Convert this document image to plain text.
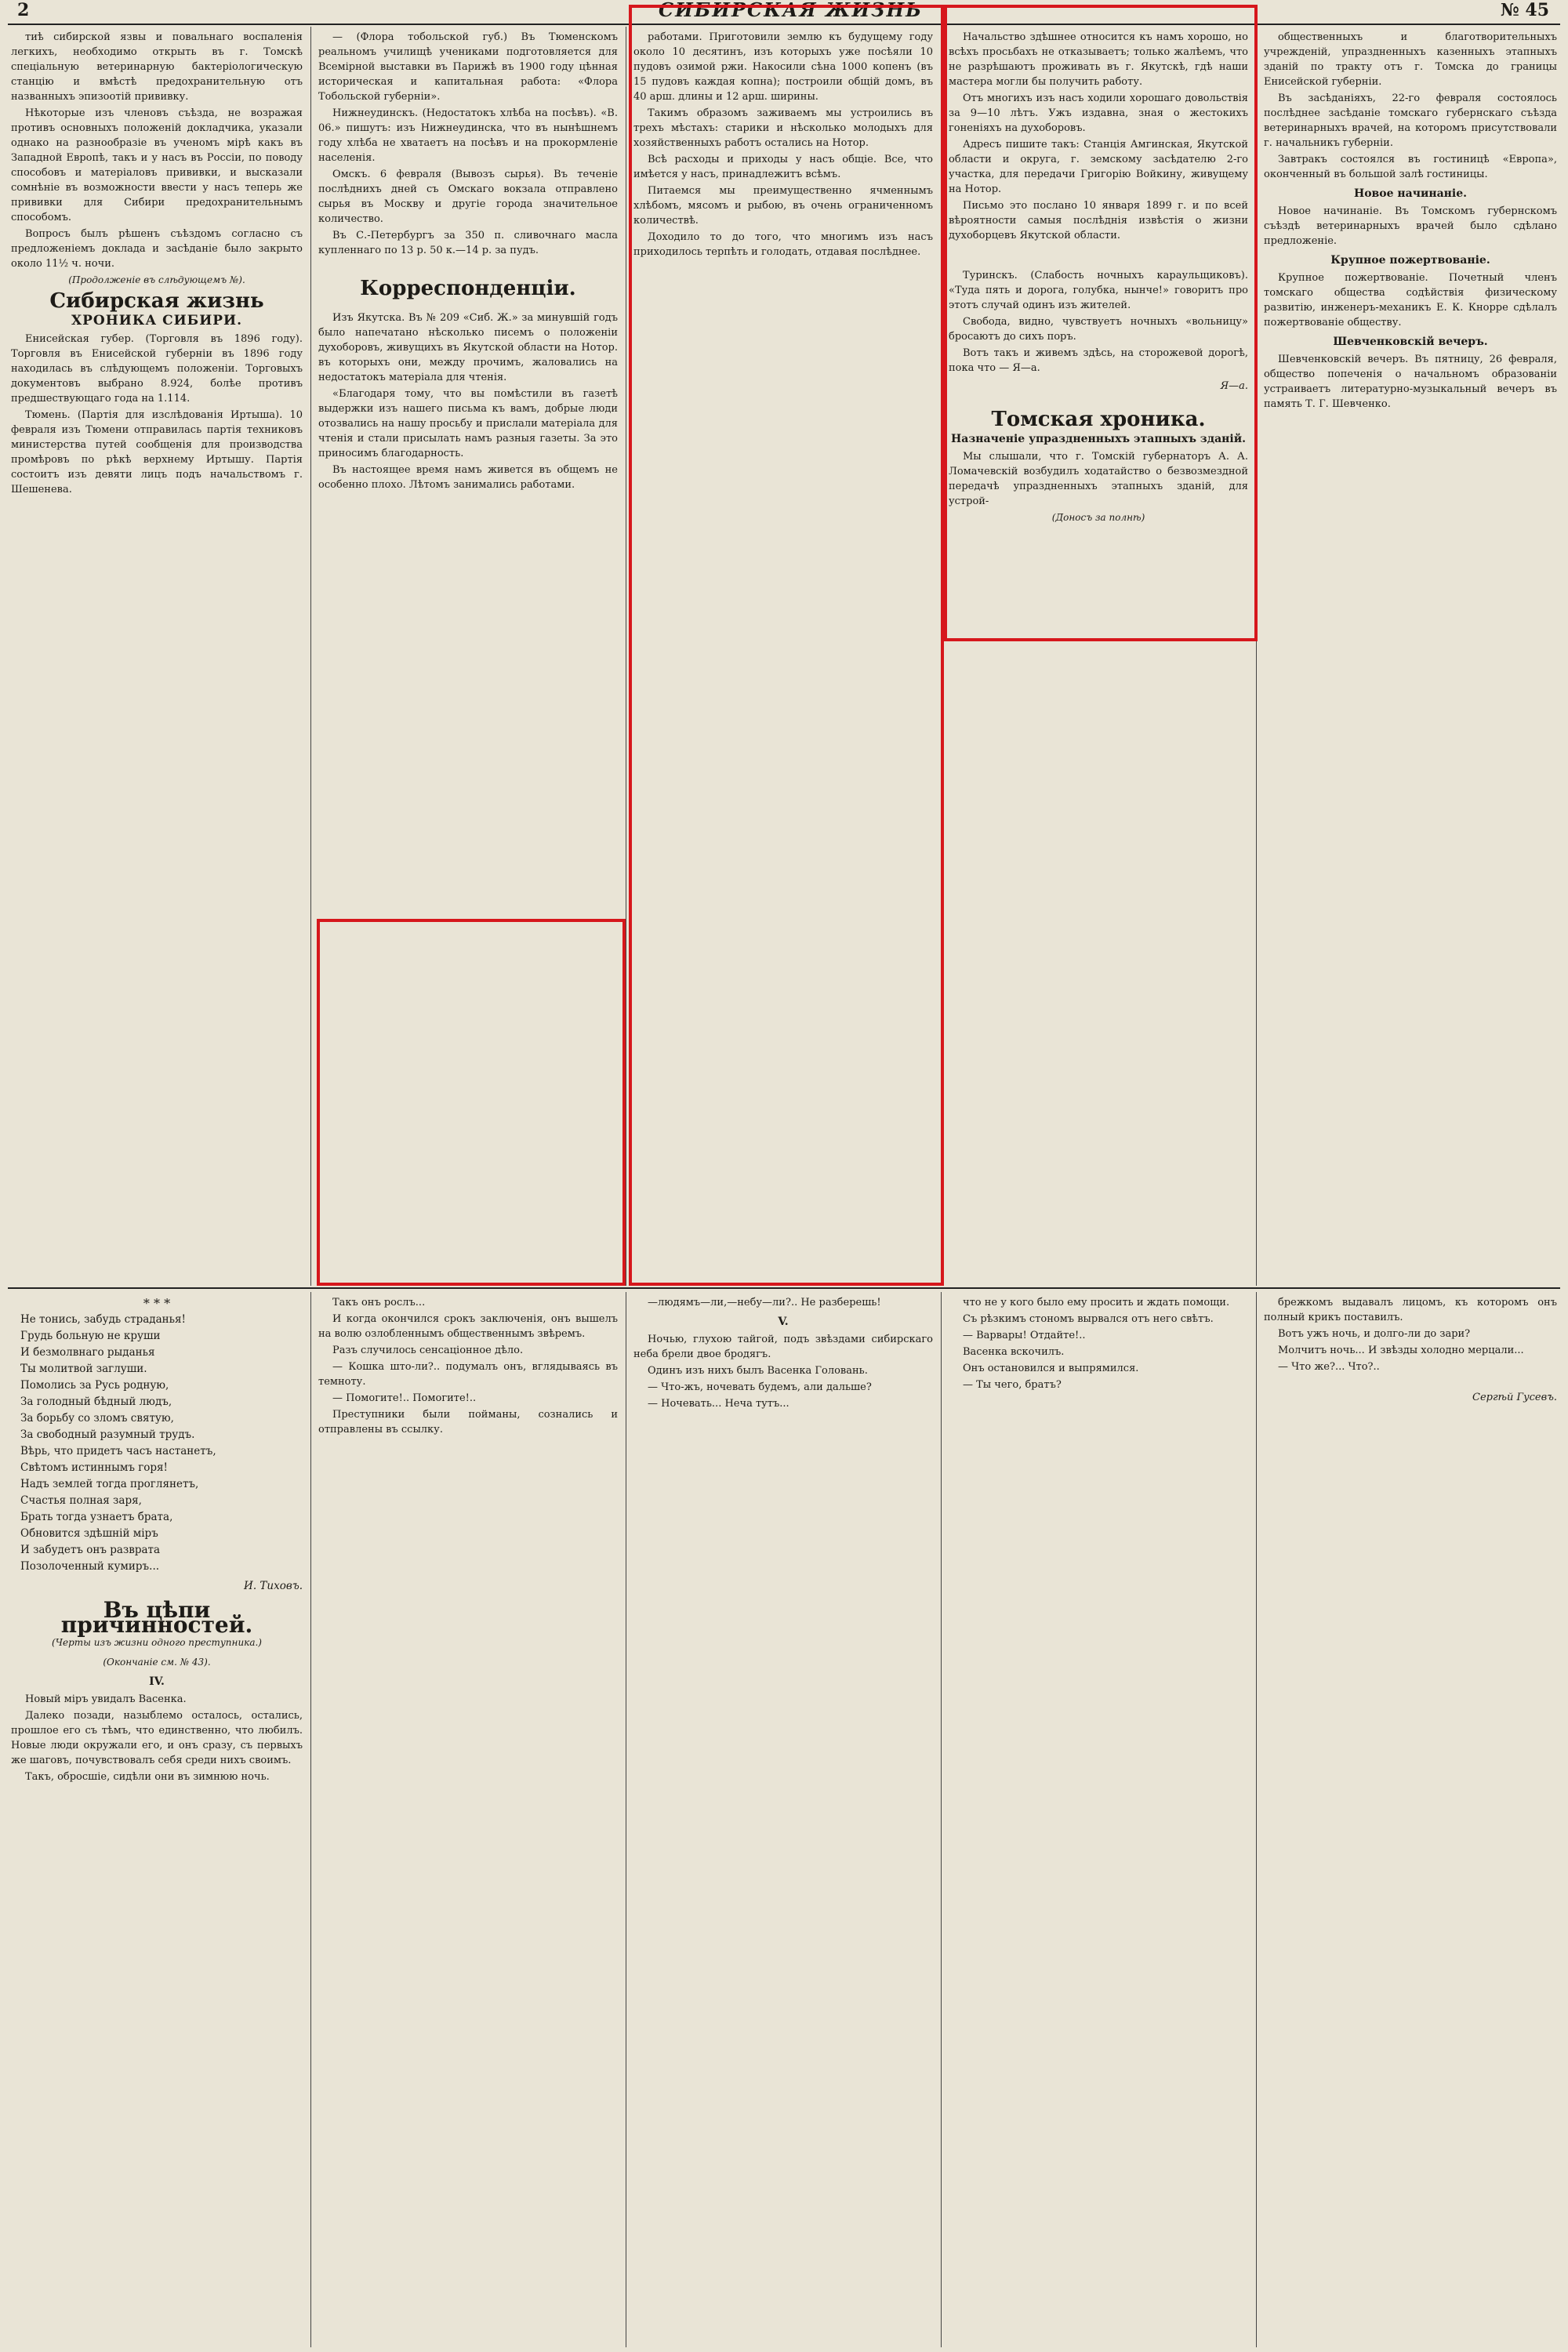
2	СИБИРСКАЯ ЖИЗНЬ	№ 45

тиѣ сибирской язвы и повальнаго воспаленія легкихъ, необходимо открыть въ г. Томскѣ спеціальную ветеринарную бактеріологическую станцію и вмѣстѣ предохранительную отъ названныхъ эпизоотій прививку.

Нѣкоторые изъ членовъ съѣзда, не возражая противъ основныхъ положеній докладчика, указали однако на разнообразіе въ ученомъ мірѣ какъ въ Западной Европѣ, такъ и у насъ въ Россіи, по поводу способовъ и матеріаловъ прививки, и высказали сомнѣніе въ возможности ввести у насъ теперь же прививки для Сибири предохранительнымъ способомъ.

Вопросъ былъ рѣшенъ съѣздомъ согласно съ предложеніемъ доклада и засѣданіе было закрыто около 11½ ч. ночи.

(Продолженіе въ слѣдующемъ №).
Сибирская жизнь
ХРОНИКА СИБИРИ.

Енисейская губер. (Торговля въ 1896 году). Торговля въ Енисейской губерніи въ 1896 году находилась въ слѣдующемъ положеніи. Торговыхъ документовъ выбрано 8.924, болѣе противъ предшествующаго года на 1.114.

Тюмень. (Партія для изслѣдованія Иртыша). 10 февраля изъ Тюмени отправилась партія техниковъ министерства путей сообщенія для производства промѣровъ по рѣкѣ верхнему Иртышу. Партія состоитъ изъ девяти лицъ подъ начальствомъ г. Шешенева.

— (Флора тобольской губ.) Въ Тюменскомъ реальномъ училищѣ учениками подготовляется для Всемірной выставки въ Парижѣ въ 1900 году цѣнная историческая и капитальная работа: «Флора Тобольской губерніи».

Нижнеудинскъ. (Недостатокъ хлѣба на посѣвъ). «В. 06.» пишутъ: изъ Нижнеудинска, что въ нынѣшнемъ году хлѣба не хватаетъ на посѣвъ и на прокормленіе населенія.

Омскъ. 6 февраля (Вывозъ сырья). Въ теченіе послѣднихъ дней съ Омскаго вокзала отправлено сырья въ Москву и другіе города значительное количество.

Въ С.-Петербургъ за 350 п. сливочнаго масла купленнаго по 13 р. 50 к.—14 р. за пудъ.

Корреспонденціи.

Изъ Якутска. Въ № 209 «Сиб. Ж.» за минувшій годъ было напечатано нѣсколько писемъ о положеніи духоборовъ, живущихъ въ Якутской области на Нотор. въ которыхъ они, между прочимъ, жаловались на недостатокъ матеріала для чтенія.

«Благодаря тому, что вы помѣстили въ газетѣ выдержки изъ нашего письма къ вамъ, добрые люди отозвались на нашу просьбу и прислали матеріала для чтенія и стали присылать намъ разныя газеты. За это приносимъ благодарность.

Въ настоящее время намъ живется въ общемъ не особенно плохо. Лѣтомъ занимались работами.

работами. Приготовили землю къ будущему году около 10 десятинъ, изъ которыхъ уже посѣяли 10 пудовъ озимой ржи. Накосили сѣна 1000 копенъ (въ 15 пудовъ каждая копна); построили общій домъ, въ 40 арш. длины и 12 арш. ширины.

Такимъ образомъ заживаемъ мы устроились въ трехъ мѣстахъ: старики и нѣсколько молодыхъ для хозяйственныхъ работъ остались на Нотор.

Всѣ расходы и приходы у насъ общіе. Все, что имѣется у насъ, принадлежитъ всѣмъ.

Питаемся мы преимущественно ячменнымъ хлѣбомъ, мясомъ и рыбою, въ очень ограниченномъ количествѣ.

Доходило то до того, что многимъ изъ насъ приходилось терпѣть и голодать, отдавая послѣднее.

Начальство здѣшнее относится къ намъ хорошо, но всѣхъ просьбахъ не отказываетъ; только жалѣемъ, что не разрѣшаютъ проживать въ г. Якутскѣ, гдѣ наши мастера могли бы получить работу.

Отъ многихъ изъ насъ ходили хорошаго довольствія за 9—10 лѣтъ. Ужъ издавна, зная о жестокихъ гоненіяхъ на духоборовъ.

Адресъ пишите такъ: Станція Амгинская, Якутской области и округа, г. земскому засѣдателю 2-го участка, для передачи Григорію Войкину, живущему на Нотор.

Письмо это послано 10 января 1899 г. и по всей вѣроятности самыя послѣднія извѣстія о жизни духоборцевъ Якутской области.

Туринскъ. (Слабость ночныхъ караульщиковъ). «Туда пять и дорога, голубка, нынче!» говоритъ про этотъ случай одинъ изъ жителей.

Свобода, видно, чувствуетъ ночныхъ «вольницу» бросаютъ до сихъ поръ.

Вотъ такъ и живемъ здѣсь, на сторожевой дорогѣ, пока что — Я—а.

Я—а.
Томская хроника.
Назначеніе упраздненныхъ этапныхъ зданій.

Мы слышали, что г. Томскій губернаторъ А. А. Ломачевскій возбудилъ ходатайство о безвозмездной передачѣ упраздненныхъ этапныхъ зданій, для устрой-

(Доносъ за полнѣ)

общественныхъ и благотворительныхъ учрежденій, упраздненныхъ казенныхъ этапныхъ зданій по тракту отъ г. Томска до границы Енисейской губерніи.

Въ засѣданіяхъ, 22-го февраля состоялось послѣднее засѣданіе томскаго губернскаго съѣзда ветеринарныхъ врачей, на которомъ присутствовали г. начальникъ губерніи.

Завтракъ состоялся въ гостиницѣ «Европа», оконченный въ большой залѣ гостиницы.

Новое начинаніе.

Новое начинаніе. Въ Томскомъ губернскомъ съѣздѣ ветеринарныхъ врачей было сдѣлано предложеніе.

Крупное пожертвованіе.

Крупное пожертвованіе. Почетный членъ томскаго общества содѣйствія физическому развитію, инженеръ-механикъ Е. К. Кнорре сдѣлалъ пожертвованіе обществу.

Шевченковскій вечеръ.

Шевченковскій вечеръ. Въ пятницу, 26 февраля, общество попеченія о начальномъ образованіи устраиваетъ литературно-музыкальный вечеръ въ память Т. Г. Шевченко.

* * *
Не тонись, забудь страданья!
Грудь больную не круши
И безмолвнаго рыданья
Ты молитвой заглуши.
Помолись за Русь родную,
За голодный бѣдный людъ,
За борьбу со зломъ святую,
За свободный разумный трудъ.
Вѣрь, что придетъ часъ настанетъ,
Свѣтомъ истиннымъ горя!
Надъ землей тогда проглянетъ,
Счастья полная заря,
Брать тогда узнаетъ брата,
Обновится здѣшній міръ
И забудетъ онъ разврата
Позолоченный кумиръ...
И. Тиховъ.
Въ цѣпи причинностей.
(Черты изъ жизни одного преступника.)
(Окончаніе см. № 43).
IV.

Новый міръ увидалъ Васенка.

Далеко позади, назыблемо осталось, остались, прошлое его съ тѣмъ, что единственно, что любилъ. Новые люди окружали его, и онъ сразу, съ первыхъ же шаговъ, почувствовалъ себя среди нихъ своимъ.

Такъ, обросшіе, сидѣли они въ зимнюю ночь.

Такъ онъ рослъ...

И когда окончился срокъ заключенія, онъ вышелъ на волю озлобленнымъ общественнымъ звѣремъ.

Разъ случилось сенсаціонное дѣло.

— Кошка што-ли?.. подумалъ онъ, вглядываясь въ темноту.

— Помогите!.. Помогите!..

Преступники были пойманы, сознались и отправлены въ ссылку.

—людямъ—ли,—небу—ли?.. Не разберешь!

V.

Ночью, глухою тайгой, подъ звѣздами сибирскаго неба брели двое бродягъ.

Одинъ изъ нихъ былъ Васенка Головань.

— Что-жъ, ночевать будемъ, али дальше?

— Ночевать... Неча тутъ...

что не у кого было ему просить и ждать помощи.

Съ рѣзкимъ стономъ вырвался отъ него свѣтъ.

— Варвары! Отдайте!..

Васенка вскочилъ.

Онъ остановился и выпрямился.

— Ты чего, братъ?

брежкомъ выдавалъ лицомъ, къ которомъ онъ полный крикъ поставилъ.

Вотъ ужъ ночь, и долго-ли до зари?

Молчитъ ночь... И звѣзды холодно мерцали...

— Что же?... Что?..

Сергѣй Гусевъ.
